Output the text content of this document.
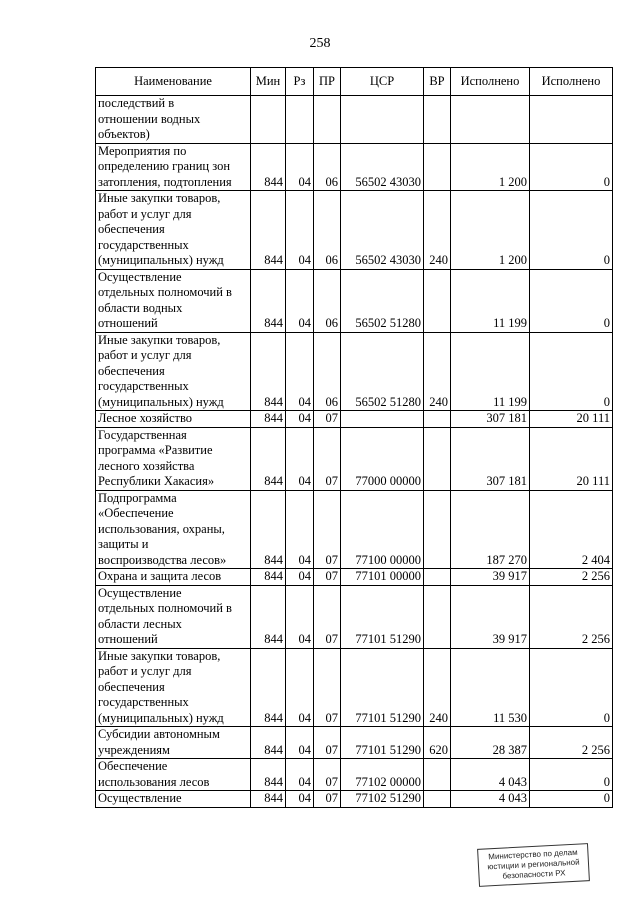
258
Наименование	Мин	Рз	ПР	ЦСР	ВР	Исполнено	Исполнено
последствий в
отношении водных
объектов)							
Мероприятия по
определению границ зон
затопления, подтопления	844	04	06	56502 43030		1 200	0
Иные закупки товаров,
работ и услуг для
обеспечения
государственных
(муниципальных) нужд	844	04	06	56502 43030	240	1 200	0
Осуществление
отдельных полномочий в
области водных
отношений	844	04	06	56502 51280		11 199	0
Иные закупки товаров,
работ и услуг для
обеспечения
государственных
(муниципальных) нужд	844	04	06	56502 51280	240	11 199	0
Лесное хозяйство	844	04	07			307 181	20 111
Государственная
программа «Развитие
лесного хозяйства
Республики Хакасия»	844	04	07	77000 00000		307 181	20 111
Подпрограмма
«Обеспечение
использования, охраны,
защиты и
воспроизводства лесов»	844	04	07	77100 00000		187 270	2 404
Охрана и защита лесов	844	04	07	77101 00000		39 917	2 256
Осуществление
отдельных полномочий в
области лесных
отношений	844	04	07	77101 51290		39 917	2 256
Иные закупки товаров,
работ и услуг для
обеспечения
государственных
(муниципальных) нужд	844	04	07	77101 51290	240	11 530	0
Субсидии автономным
учреждениям	844	04	07	77101 51290	620	28 387	2 256
Обеспечение
использования лесов	844	04	07	77102 00000		4 043	0
Осуществление	844	04	07	77102 51290		4 043	0
Министерство по делам
юстиции и региональной
безопасности РХ
